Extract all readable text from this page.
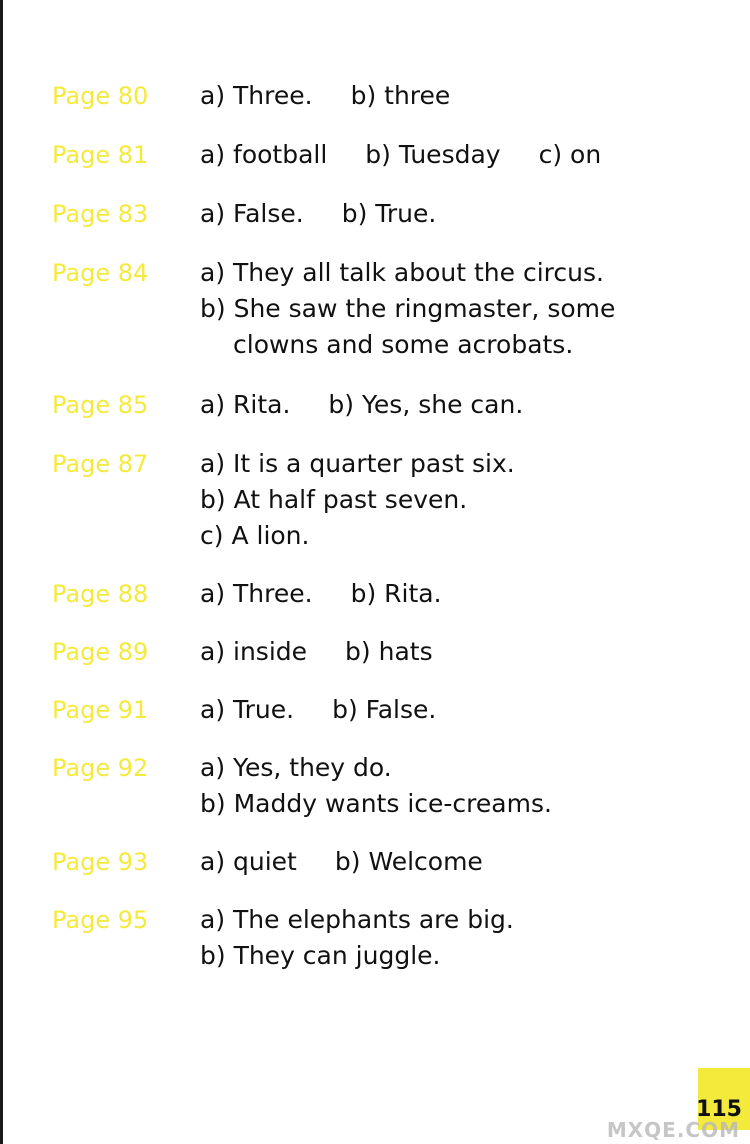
Page 80 a) Three. b) three
Page 81 a) football b) Tuesday c) on
Page 83 a) False. b) True.
Page 84 a) They all talk about the circus.
b) She saw the ringmaster, some
clowns and some acrobats.
Page 85 a) Rita. b) Yes, she can.
Page 87 a) It is a quarter past six.
b) At half past seven.
c) A lion.
Page 88 a) Three. b) Rita.
Page 89 a) inside b) hats
Page 91 a) True. b) False.
Page 92 a) Yes, they do.
b) Maddy wants ice-creams.
Page 93 a) quiet b) Welcome
Page 95 a) The elephants are big.
b) They can juggle.
115
MXQE.COM
